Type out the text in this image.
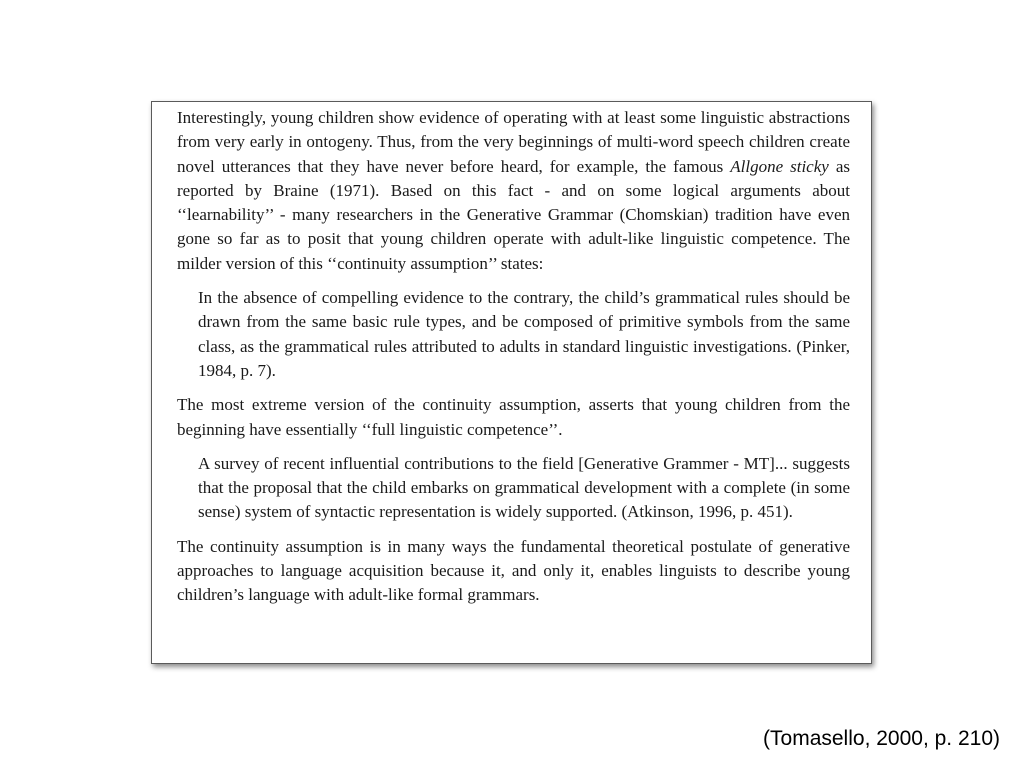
Interestingly, young children show evidence of operating with at least some linguistic abstractions from very early in ontogeny. Thus, from the very beginnings of multi-word speech children create novel utterances that they have never before heard, for example, the famous Allgone sticky as reported by Braine (1971). Based on this fact - and on some logical arguments about ‘‘learnability’’ - many researchers in the Generative Grammar (Chomskian) tradition have even gone so far as to posit that young children operate with adult-like linguistic competence. The milder version of this ‘‘continuity assumption’’ states:

In the absence of compelling evidence to the contrary, the child’s grammatical rules should be drawn from the same basic rule types, and be composed of primitive symbols from the same class, as the grammatical rules attributed to adults in standard linguistic investigations. (Pinker, 1984, p. 7).

The most extreme version of the continuity assumption, asserts that young children from the beginning have essentially ‘‘full linguistic competence’’.

A survey of recent influential contributions to the field [Generative Grammer - MT]... suggests that the proposal that the child embarks on grammatical development with a complete (in some sense) system of syntactic representation is widely supported. (Atkinson, 1996, p. 451).

The continuity assumption is in many ways the fundamental theoretical postulate of generative approaches to language acquisition because it, and only it, enables linguists to describe young children’s language with adult-like formal grammars.

(Tomasello, 2000, p. 210)
